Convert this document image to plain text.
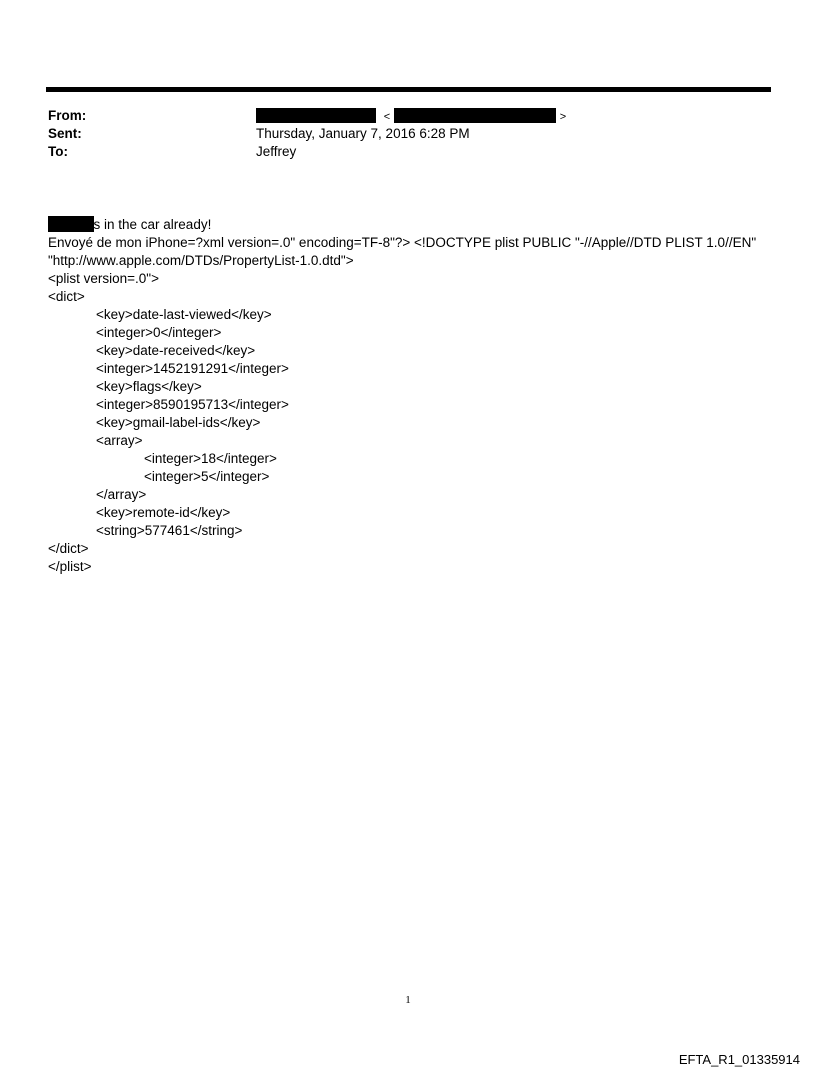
From:	<	>
Sent:	Thursday, January 7, 2016 6:28 PM
To:	Jeffrey

s in the car already!

Envoyé de mon iPhone=?xml version=.0" encoding=TF-8"?> <!DOCTYPE plist PUBLIC "-//Apple//DTD PLIST 1.0//EN"
"http://www.apple.com/DTDs/PropertyList-1.0.dtd">
<plist version=.0">
<dict>
<key>date-last-viewed</key>
<integer>0</integer>
<key>date-received</key>
<integer>1452191291</integer>
<key>flags</key>
<integer>8590195713</integer>
<key>gmail-label-ids</key>
<array>
<integer>18</integer>
<integer>5</integer>
</array>
<key>remote-id</key>
<string>577461</string>
</dict>
</plist>
1
EFTA_R1_01335914
